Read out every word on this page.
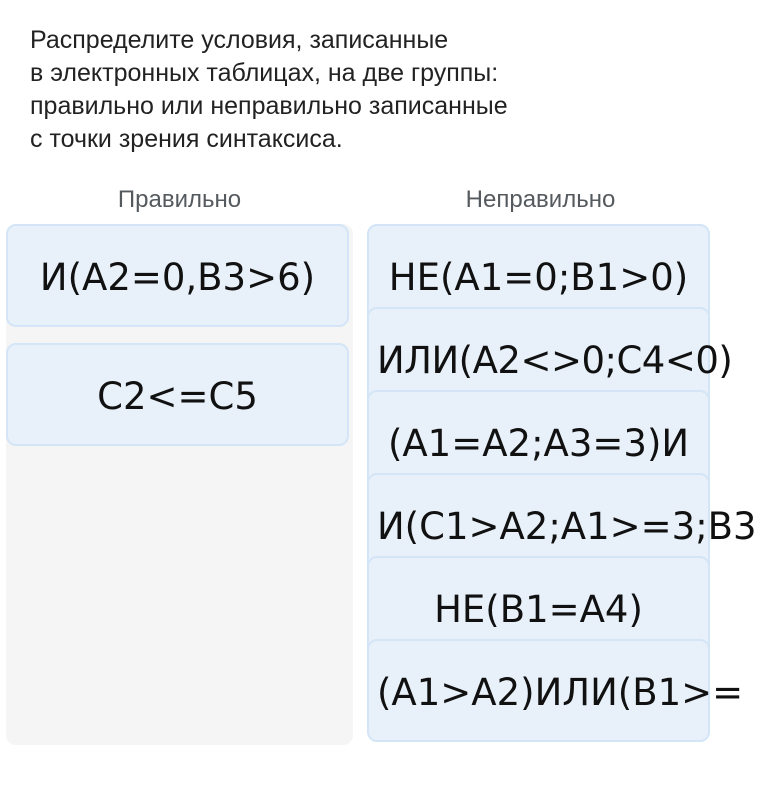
Распределите условия, записанные
в электронных таблицах, на две группы:
правильно или неправильно записанные
с точки зрения синтаксиса.
Правильно	Неправильно
И(А2=0,В3>6)
С2<=С5
НЕ(А1=0;В1>0)
ИЛИ(А2<>0;С4<0)
(А1=А2;А3=3)И
И(С1>А2;А1>=3;В3
НЕ(В1=А4)
(А1>А2)ИЛИ(В1>=
